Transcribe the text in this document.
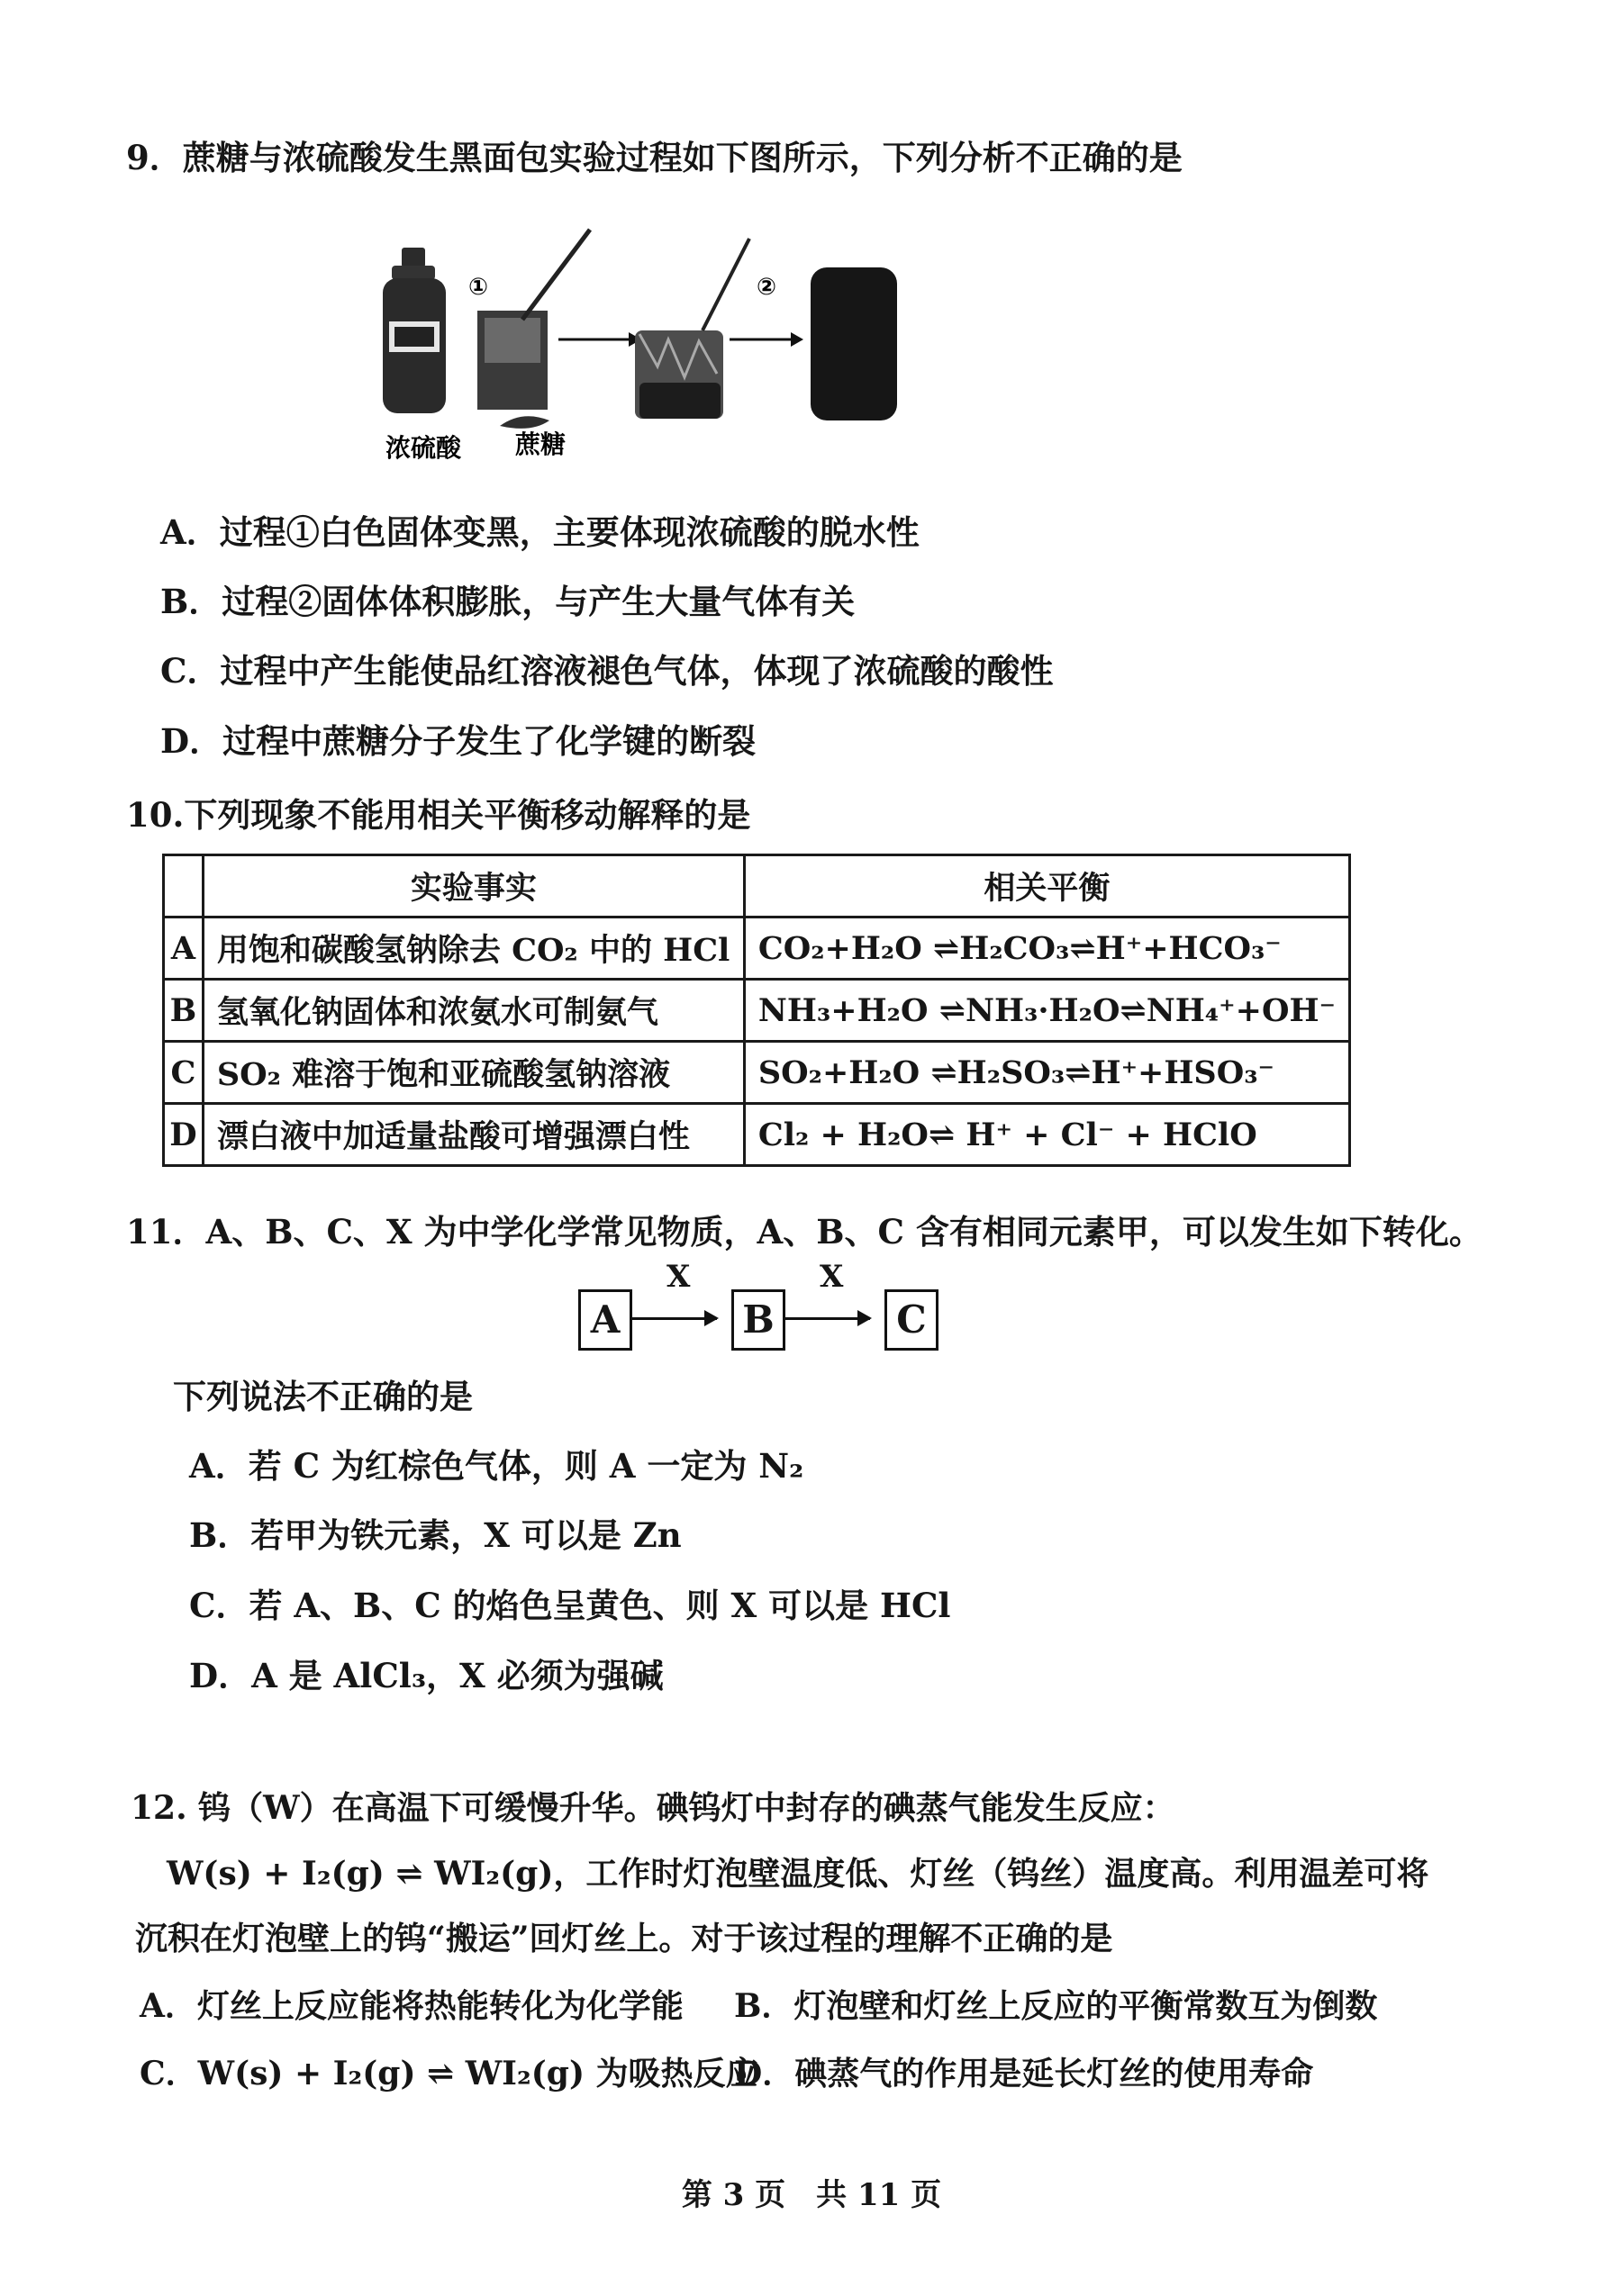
9．蔗糖与浓硫酸发生黑面包实验过程如下图所示，下列分析不正确的是
①	②
浓硫酸 蔗糖
A．过程①白色固体变黑，主要体现浓硫酸的脱水性
B．过程②固体体积膨胀，与产生大量气体有关
C．过程中产生能使品红溶液褪色气体，体现了浓硫酸的酸性
D．过程中蔗糖分子发生了化学键的断裂
10.下列现象不能用相关平衡移动解释的是
	实验事实	相关平衡
A	用饱和碳酸氢钠除去 CO₂ 中的 HCl	CO₂+H₂O ⇌H₂CO₃⇌H⁺+HCO₃⁻
B	氢氧化钠固体和浓氨水可制氨气	NH₃+H₂O ⇌NH₃·H₂O⇌NH₄⁺+OH⁻
C	SO₂ 难溶于饱和亚硫酸氢钠溶液	SO₂+H₂O ⇌H₂SO₃⇌H⁺+HSO₃⁻
D	漂白液中加适量盐酸可增强漂白性	Cl₂ + H₂O⇌ H⁺ + Cl⁻ + HClO
11．A、B、C、X 为中学化学常见物质，A、B、C 含有相同元素甲，可以发生如下转化。
A
X
B
X
C
下列说法不正确的是
A．若 C 为红棕色气体，则 A 一定为 N₂
B．若甲为铁元素，X 可以是 Zn
C．若 A、B、C 的焰色呈黄色、则 X 可以是 HCl
D．A 是 AlCl₃，X 必须为强碱
12. 钨（W）在高温下可缓慢升华。碘钨灯中封存的碘蒸气能发生反应：
W(s) + I₂(g) ⇌ WI₂(g)，工作时灯泡壁温度低、灯丝（钨丝）温度高。利用温差可将
沉积在灯泡壁上的钨“搬运”回灯丝上。对于该过程的理解不正确的是
A．灯丝上反应能将热能转化为化学能 B．灯泡壁和灯丝上反应的平衡常数互为倒数
C．W(s) + I₂(g) ⇌ WI₂(g) 为吸热反应
D．碘蒸气的作用是延长灯丝的使用寿命
第 3 页　共 11 页
